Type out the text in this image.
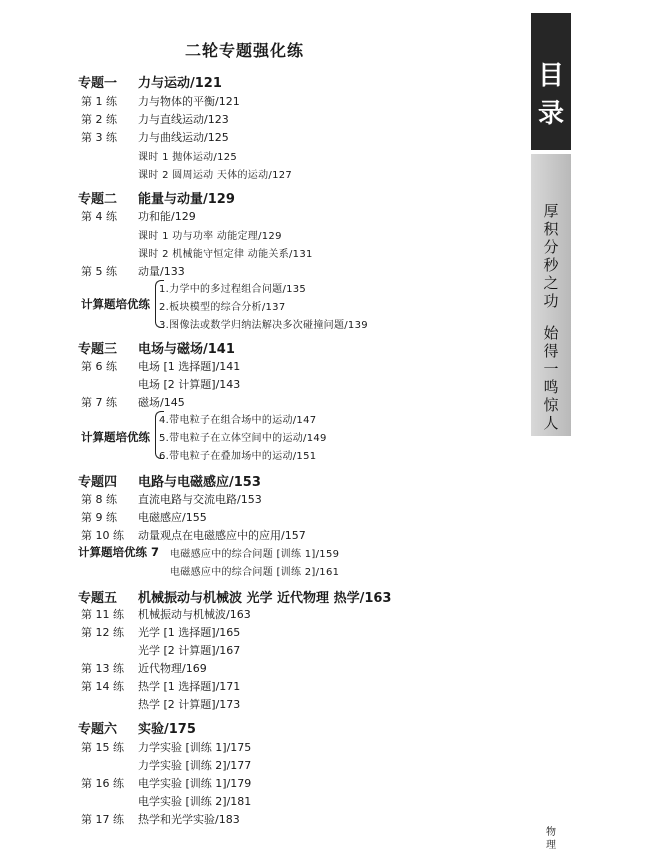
二轮专题强化练
专题一 力与运动/121
第 1 练 力与物体的平衡/121
第 2 练 力与直线运动/123
第 3 练 力与曲线运动/125
课时 1 抛体运动/125
课时 2 圆周运动 天体的运动/127
专题二 能量与动量/129
第 4 练 功和能/129
课时 1 功与功率 动能定理/129
课时 2 机械能守恒定律 动能关系/131
第 5 练 动量/133
1.力学中的多过程组合问题/135
2.板块模型的综合分析/137
3.图像法或数学归纳法解决多次碰撞问题/139
计算题培优练
专题三 电场与磁场/141
第 6 练 电场 [1 选择题]/141
电场 [2 计算题]/143
第 7 练 磁场/145
4.带电粒子在组合场中的运动/147
5.带电粒子在立体空间中的运动/149
6.带电粒子在叠加场中的运动/151
计算题培优练
专题四 电路与电磁感应/153
第 8 练 直流电路与交流电路/153
第 9 练 电磁感应/155
第 10 练 动量观点在电磁感应中的应用/157
计算题培优练 7 电磁感应中的综合问题 [训练 1]/159
电磁感应中的综合问题 [训练 2]/161
专题五 机械振动与机械波 光学 近代物理 热学/163
第 11 练 机械振动与机械波/163
第 12 练 光学 [1 选择题]/165
光学 [2 计算题]/167
第 13 练 近代物理/169
第 14 练 热学 [1 选择题]/171
热学 [2 计算题]/173
专题六 实验/175
第 15 练 力学实验 [训练 1]/175
力学实验 [训练 2]/177
第 16 练 电学实验 [训练 1]/179
电学实验 [训练 2]/181
第 17 练 热学和光学实验/183
目
录
厚
积
分
秒
之
功
始
得
一
鸣
惊
人
物
理
